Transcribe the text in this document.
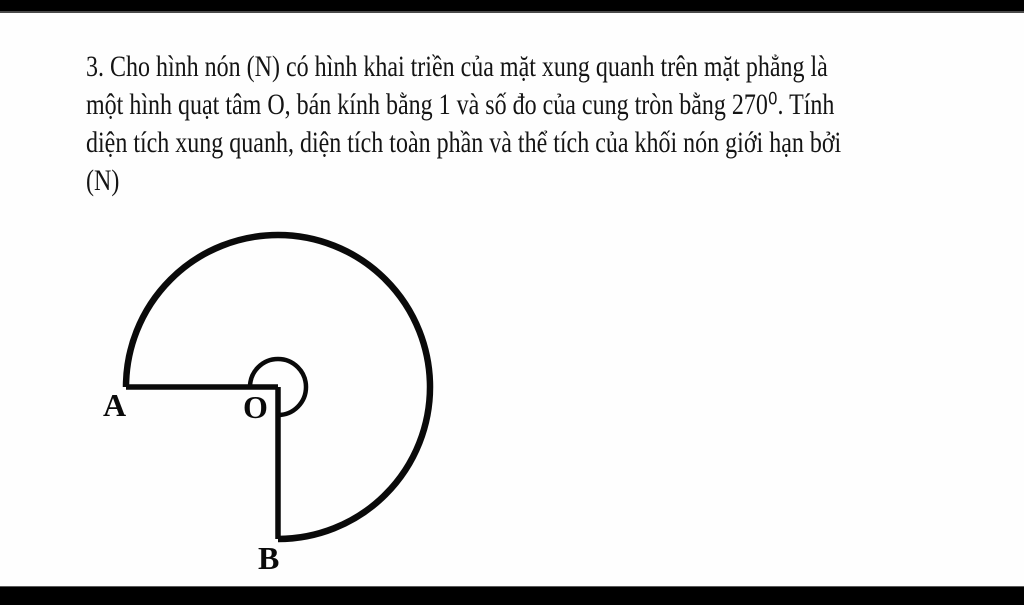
3. Cho hình nón (N) có hình khai triền của mặt xung quanh trên mặt phẳng là
một hình quạt tâm O, bán kính bằng 1 và số đo của cung tròn bằng 270⁰. Tính
diện tích xung quanh, diện tích toàn phần và thể tích của khối nón giới hạn bởi
(N)
A	O
B
